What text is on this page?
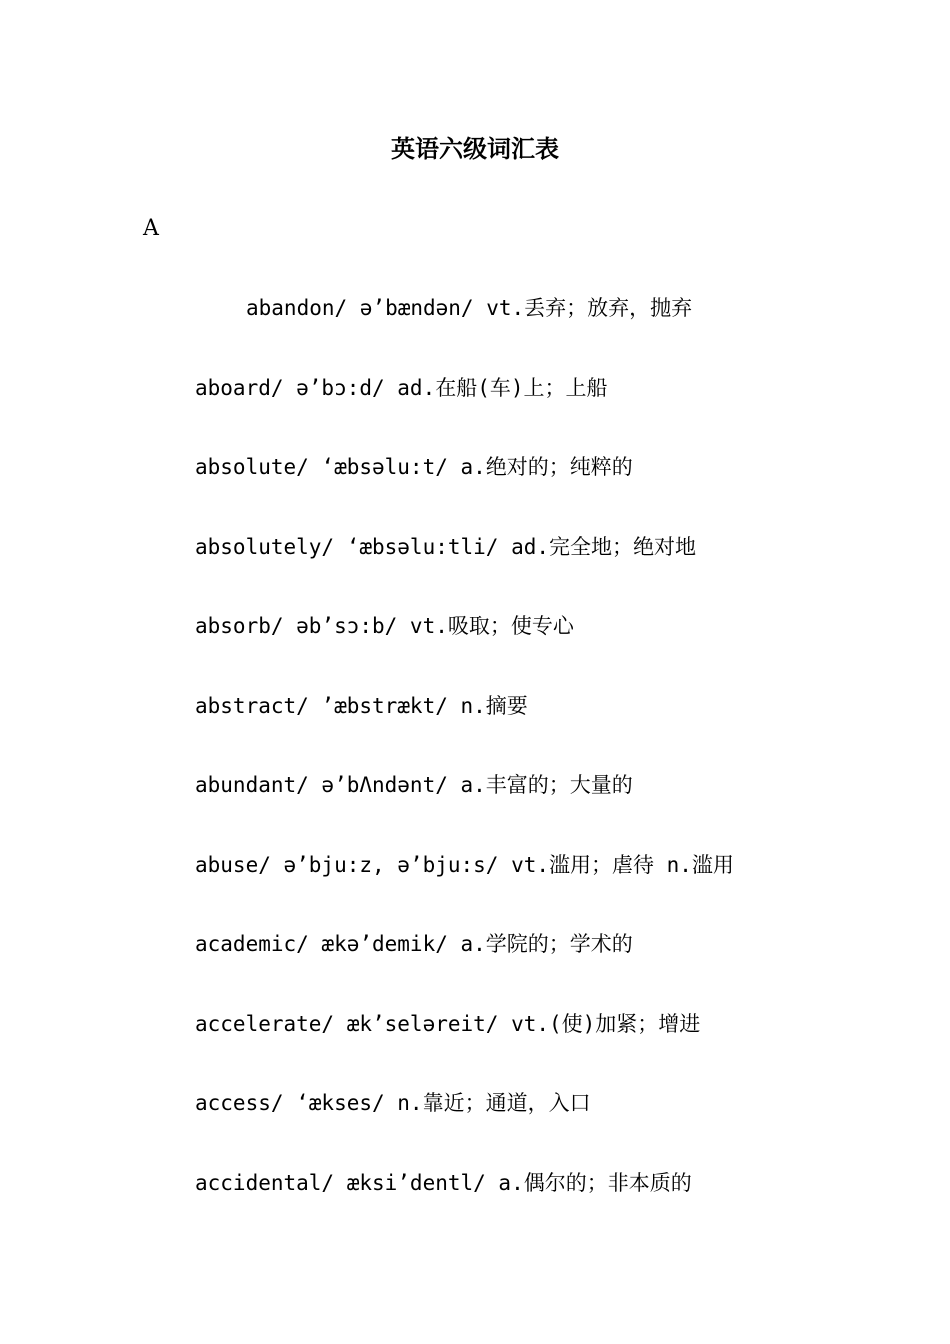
英语六级词汇表
A
abandon/ ə’bændən/ vt.丢弃；放弃，抛弃
aboard/ ə’bɔ:d/ ad.在船(车)上；上船
absolute/ ‘æbsəlu:t/ a.绝对的；纯粹的
absolutely/ ‘æbsəlu:tli/ ad.完全地；绝对地
absorb/ əb’sɔ:b/ vt.吸取；使专心
abstract/ ’æbstrækt/ n.摘要
abundant/ ə’bΛndənt/ a.丰富的；大量的
abuse/ ə’bju:z, ə’bju:s/ vt.滥用；虐待 n.滥用
academic/ ækə’demik/ a.学院的；学术的
accelerate/ æk’seləreit/ vt.(使)加紧；增进
access/ ‘ækses/ n.靠近；通道，入口
accidental/ æksi’dentl/ a.偶尔的；非本质的
